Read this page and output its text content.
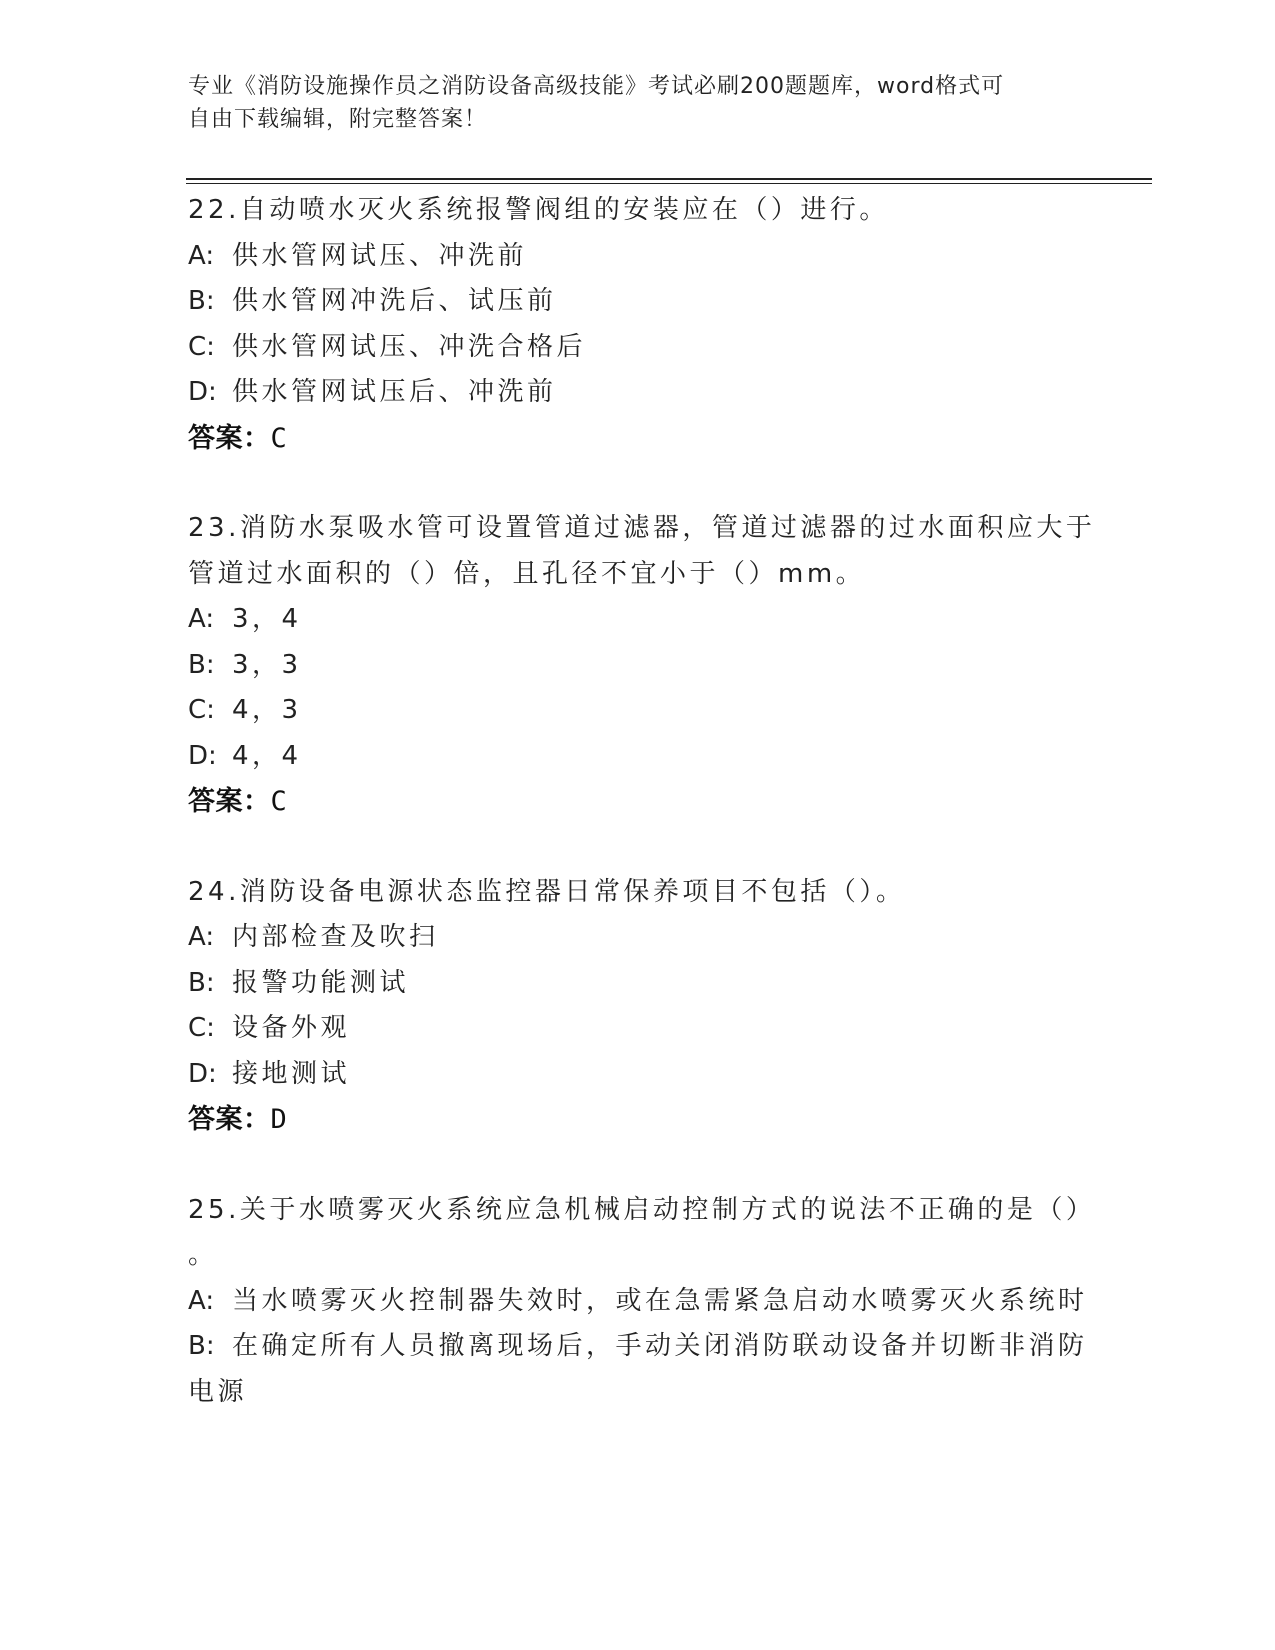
专业《消防设施操作员之消防设备高级技能》考试必刷200题题库，word格式可
自由下载编辑，附完整答案！
22.自动喷水灭火系统报警阀组的安装应在（）进行。
A: 供水管网试压、冲洗前
B: 供水管网冲洗后、试压前
C: 供水管网试压、冲洗合格后
D: 供水管网试压后、冲洗前
答案：C
23.消防水泵吸水管可设置管道过滤器，管道过滤器的过水面积应大于
管道过水面积的（）倍，且孔径不宜小于（）mm。
A: 3，4
B: 3，3
C: 4，3
D: 4，4
答案：C
24.消防设备电源状态监控器日常保养项目不包括（）。
A: 内部检查及吹扫
B: 报警功能测试
C: 设备外观
D: 接地测试
答案：D
25.关于水喷雾灭火系统应急机械启动控制方式的说法不正确的是（）
。
A: 当水喷雾灭火控制器失效时，或在急需紧急启动水喷雾灭火系统时
B: 在确定所有人员撤离现场后，手动关闭消防联动设备并切断非消防
电源
